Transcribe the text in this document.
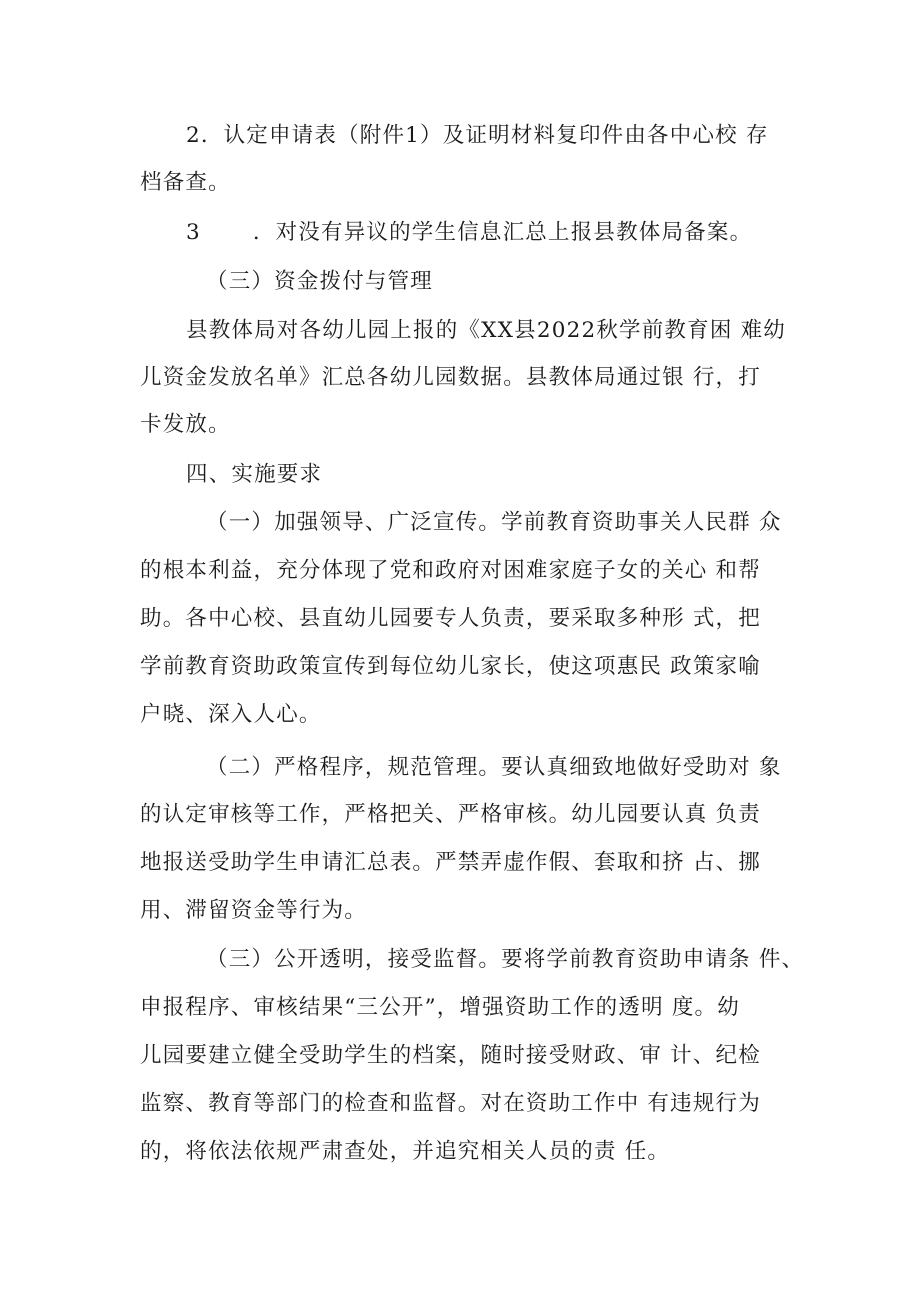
2．认定申请表（附件1）及证明材料复印件由各中心校 存
档备查。
3 ．对没有异议的学生信息汇总上报县教体局备案。
（三）资金拨付与管理
县教体局对各幼儿园上报的《XX县2022秋学前教育困 难幼
儿资金发放名单》汇总各幼儿园数据。县教体局通过银 行，打
卡发放。
四、实施要求
（一）加强领导、广泛宣传。学前教育资助事关人民群 众
的根本利益，充分体现了党和政府对困难家庭子女的关心 和帮
助。各中心校、县直幼儿园要专人负责，要采取多种形 式，把
学前教育资助政策宣传到每位幼儿家长，使这项惠民 政策家喻
户晓、深入人心。
（二）严格程序，规范管理。要认真细致地做好受助对 象
的认定审核等工作，严格把关、严格审核。幼儿园要认真 负责
地报送受助学生申请汇总表。严禁弄虚作假、套取和挤 占、挪
用、滞留资金等行为。
（三）公开透明，接受监督。要将学前教育资助申请条 件、
申报程序、审核结果“三公开”，增强资助工作的透明 度。幼
儿园要建立健全受助学生的档案，随时接受财政、审 计、纪检
监察、教育等部门的检查和监督。对在资助工作中 有违规行为
的，将依法依规严肃查处，并追究相关人员的责 任。
